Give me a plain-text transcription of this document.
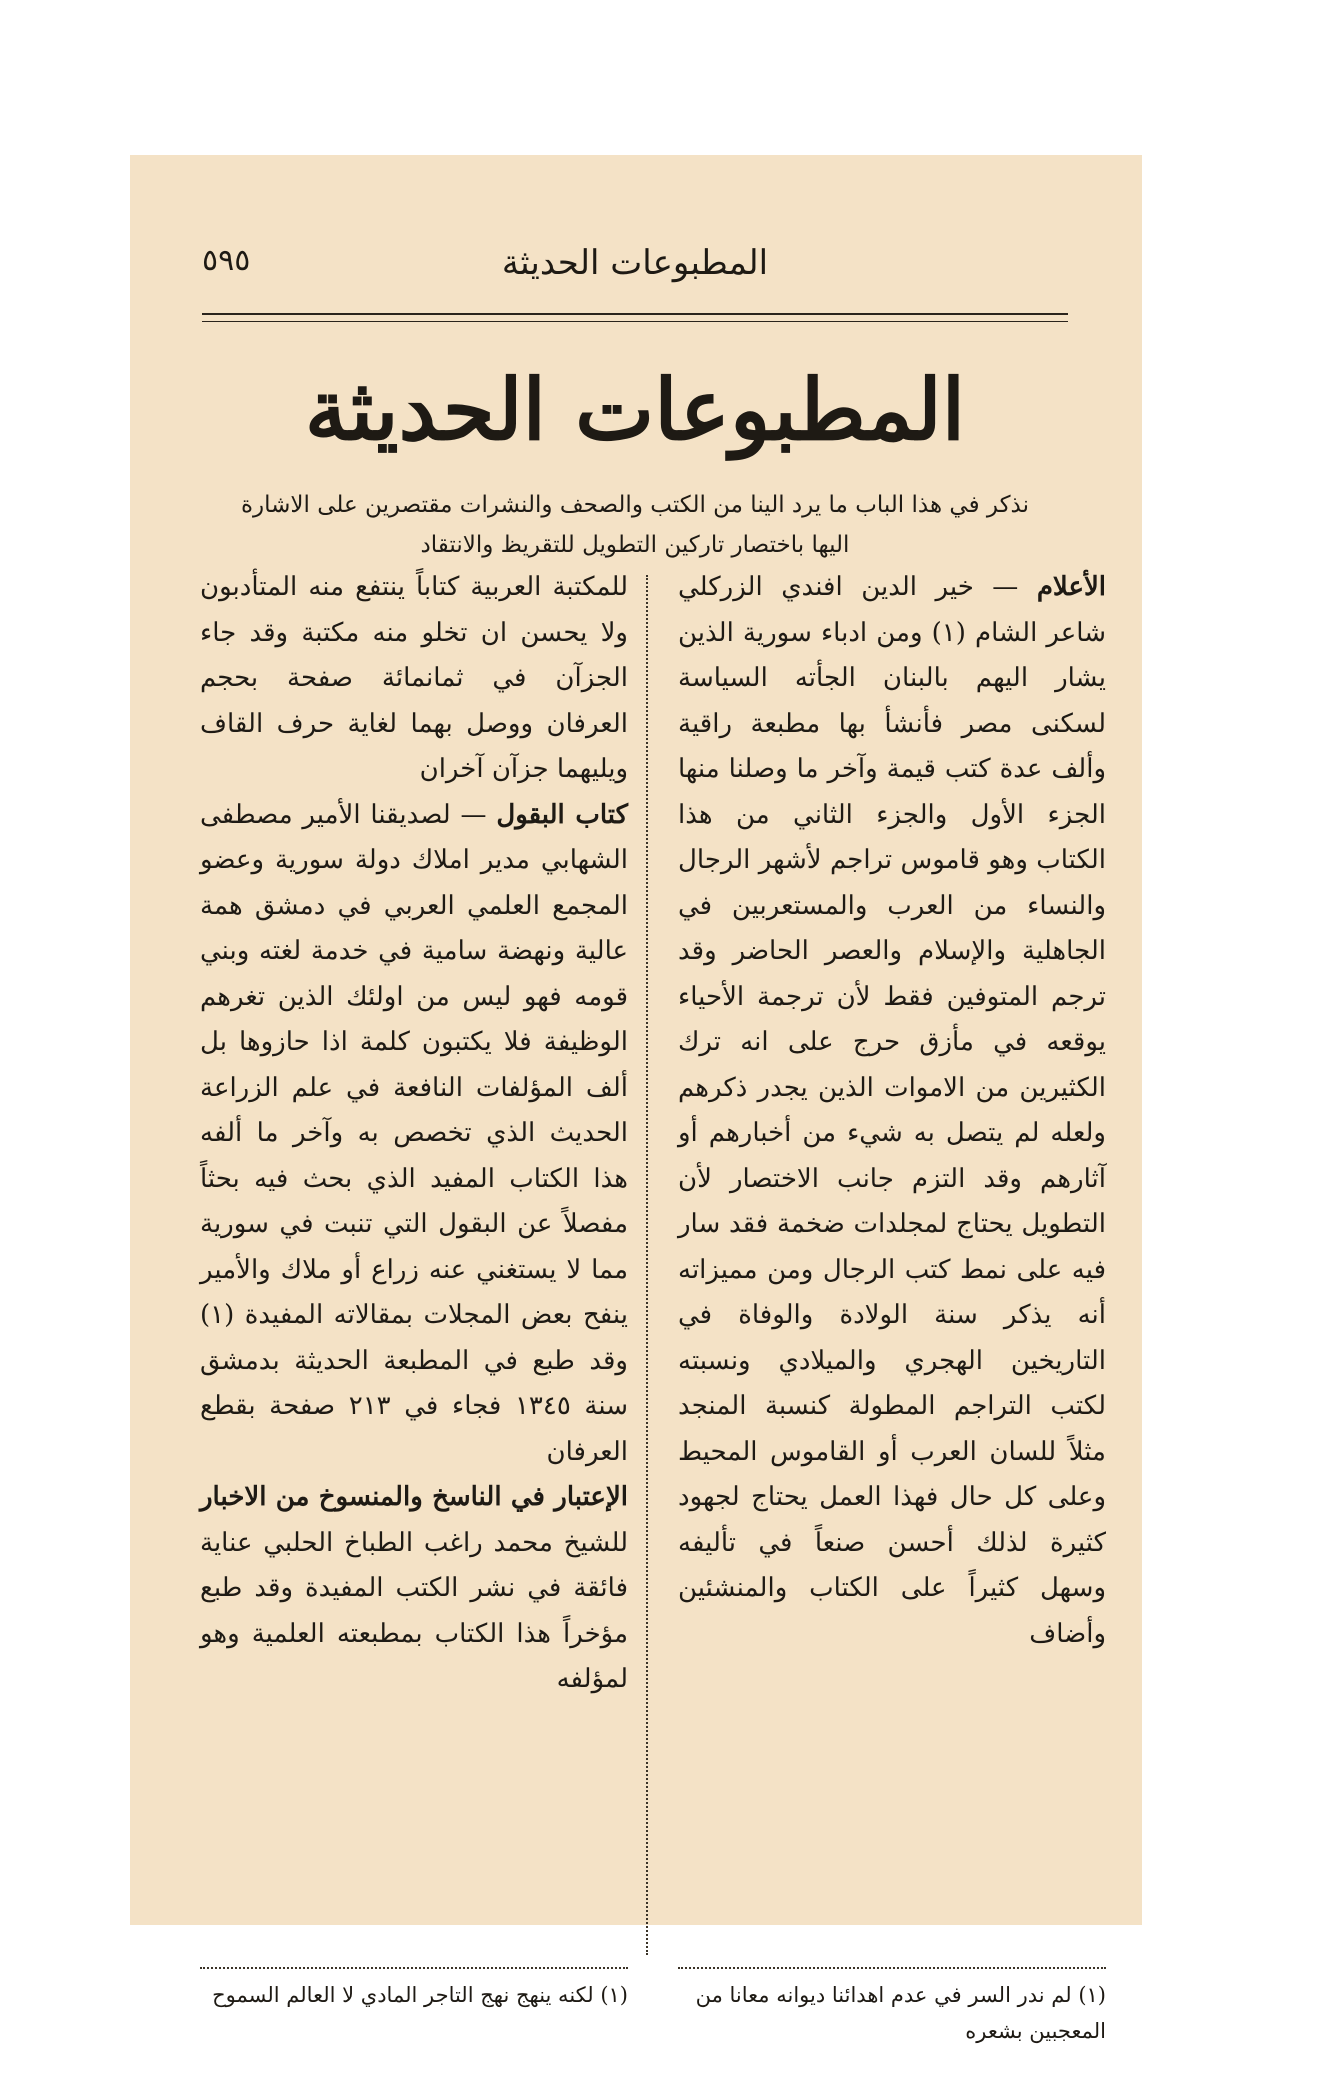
المطبوعات الحديثة
٥٩٥
المطبوعات الحديثة
نذكر في هذا الباب ما يرد الينا من الكتب والصحف والنشرات مقتصرين على الاشارة اليها باختصار تاركين التطويل للتقريظ والانتقاد

الأعلام — خير الدين افندي الزركلي شاعر الشام (١) ومن ادباء سورية الذين يشار اليهم بالبنان الجأته السياسة لسكنى مصر فأنشأ بها مطبعة راقية وألف عدة كتب قيمة وآخر ما وصلنا منها الجزء الأول والجزء الثاني من هذا الكتاب وهو قاموس تراجم لأشهر الرجال والنساء من العرب والمستعربين في الجاهلية والإسلام والعصر الحاضر وقد ترجم المتوفين فقط لأن ترجمة الأحياء يوقعه في مأزق حرج على انه ترك الكثيرين من الاموات الذين يجدر ذكرهم ولعله لم يتصل به شيء من أخبارهم أو آثارهم وقد التزم جانب الاختصار لأن التطويل يحتاج لمجلدات ضخمة فقد سار فيه على نمط كتب الرجال ومن مميزاته أنه يذكر سنة الولادة والوفاة في التاريخين الهجري والميلادي ونسبته لكتب التراجم المطولة كنسبة المنجد مثلاً للسان العرب أو القاموس المحيط وعلى كل حال فهذا العمل يحتاج لجهود كثيرة لذلك أحسن صنعاً في تأليفه وسهل كثيراً على الكتاب والمنشئين وأضاف

للمكتبة العربية كتاباً ينتفع منه المتأدبون ولا يحسن ان تخلو منه مكتبة وقد جاء الجزآن في ثمانمائة صفحة بحجم العرفان ووصل بهما لغاية حرف القاف ويليهما جزآن آخران

كتاب البقول — لصديقنا الأمير مصطفى الشهابي مدير املاك دولة سورية وعضو المجمع العلمي العربي في دمشق همة عالية ونهضة سامية في خدمة لغته وبني قومه فهو ليس من اولئك الذين تغرهم الوظيفة فلا يكتبون كلمة اذا حازوها بل ألف المؤلفات النافعة في علم الزراعة الحديث الذي تخصص به وآخر ما ألفه هذا الكتاب المفيد الذي بحث فيه بحثاً مفصلاً عن البقول التي تنبت في سورية مما لا يستغني عنه زراع أو ملاك والأمير ينفح بعض المجلات بمقالاته المفيدة (١) وقد طبع في المطبعة الحديثة بدمشق سنة ١٣٤٥ فجاء في ٢١٣ صفحة بقطع العرفان

الإعتبار في الناسخ والمنسوخ من الاخبار للشيخ محمد راغب الطباخ الحلبي عناية فائقة في نشر الكتب المفيدة وقد طبع مؤخراً هذا الكتاب بمطبعته العلمية وهو لمؤلفه

(١) لم ندر السر في عدم اهدائنا ديوانه معانا من المعجبين بشعره
(١) لكنه ينهج نهج التاجر المادي لا العالم السموح
